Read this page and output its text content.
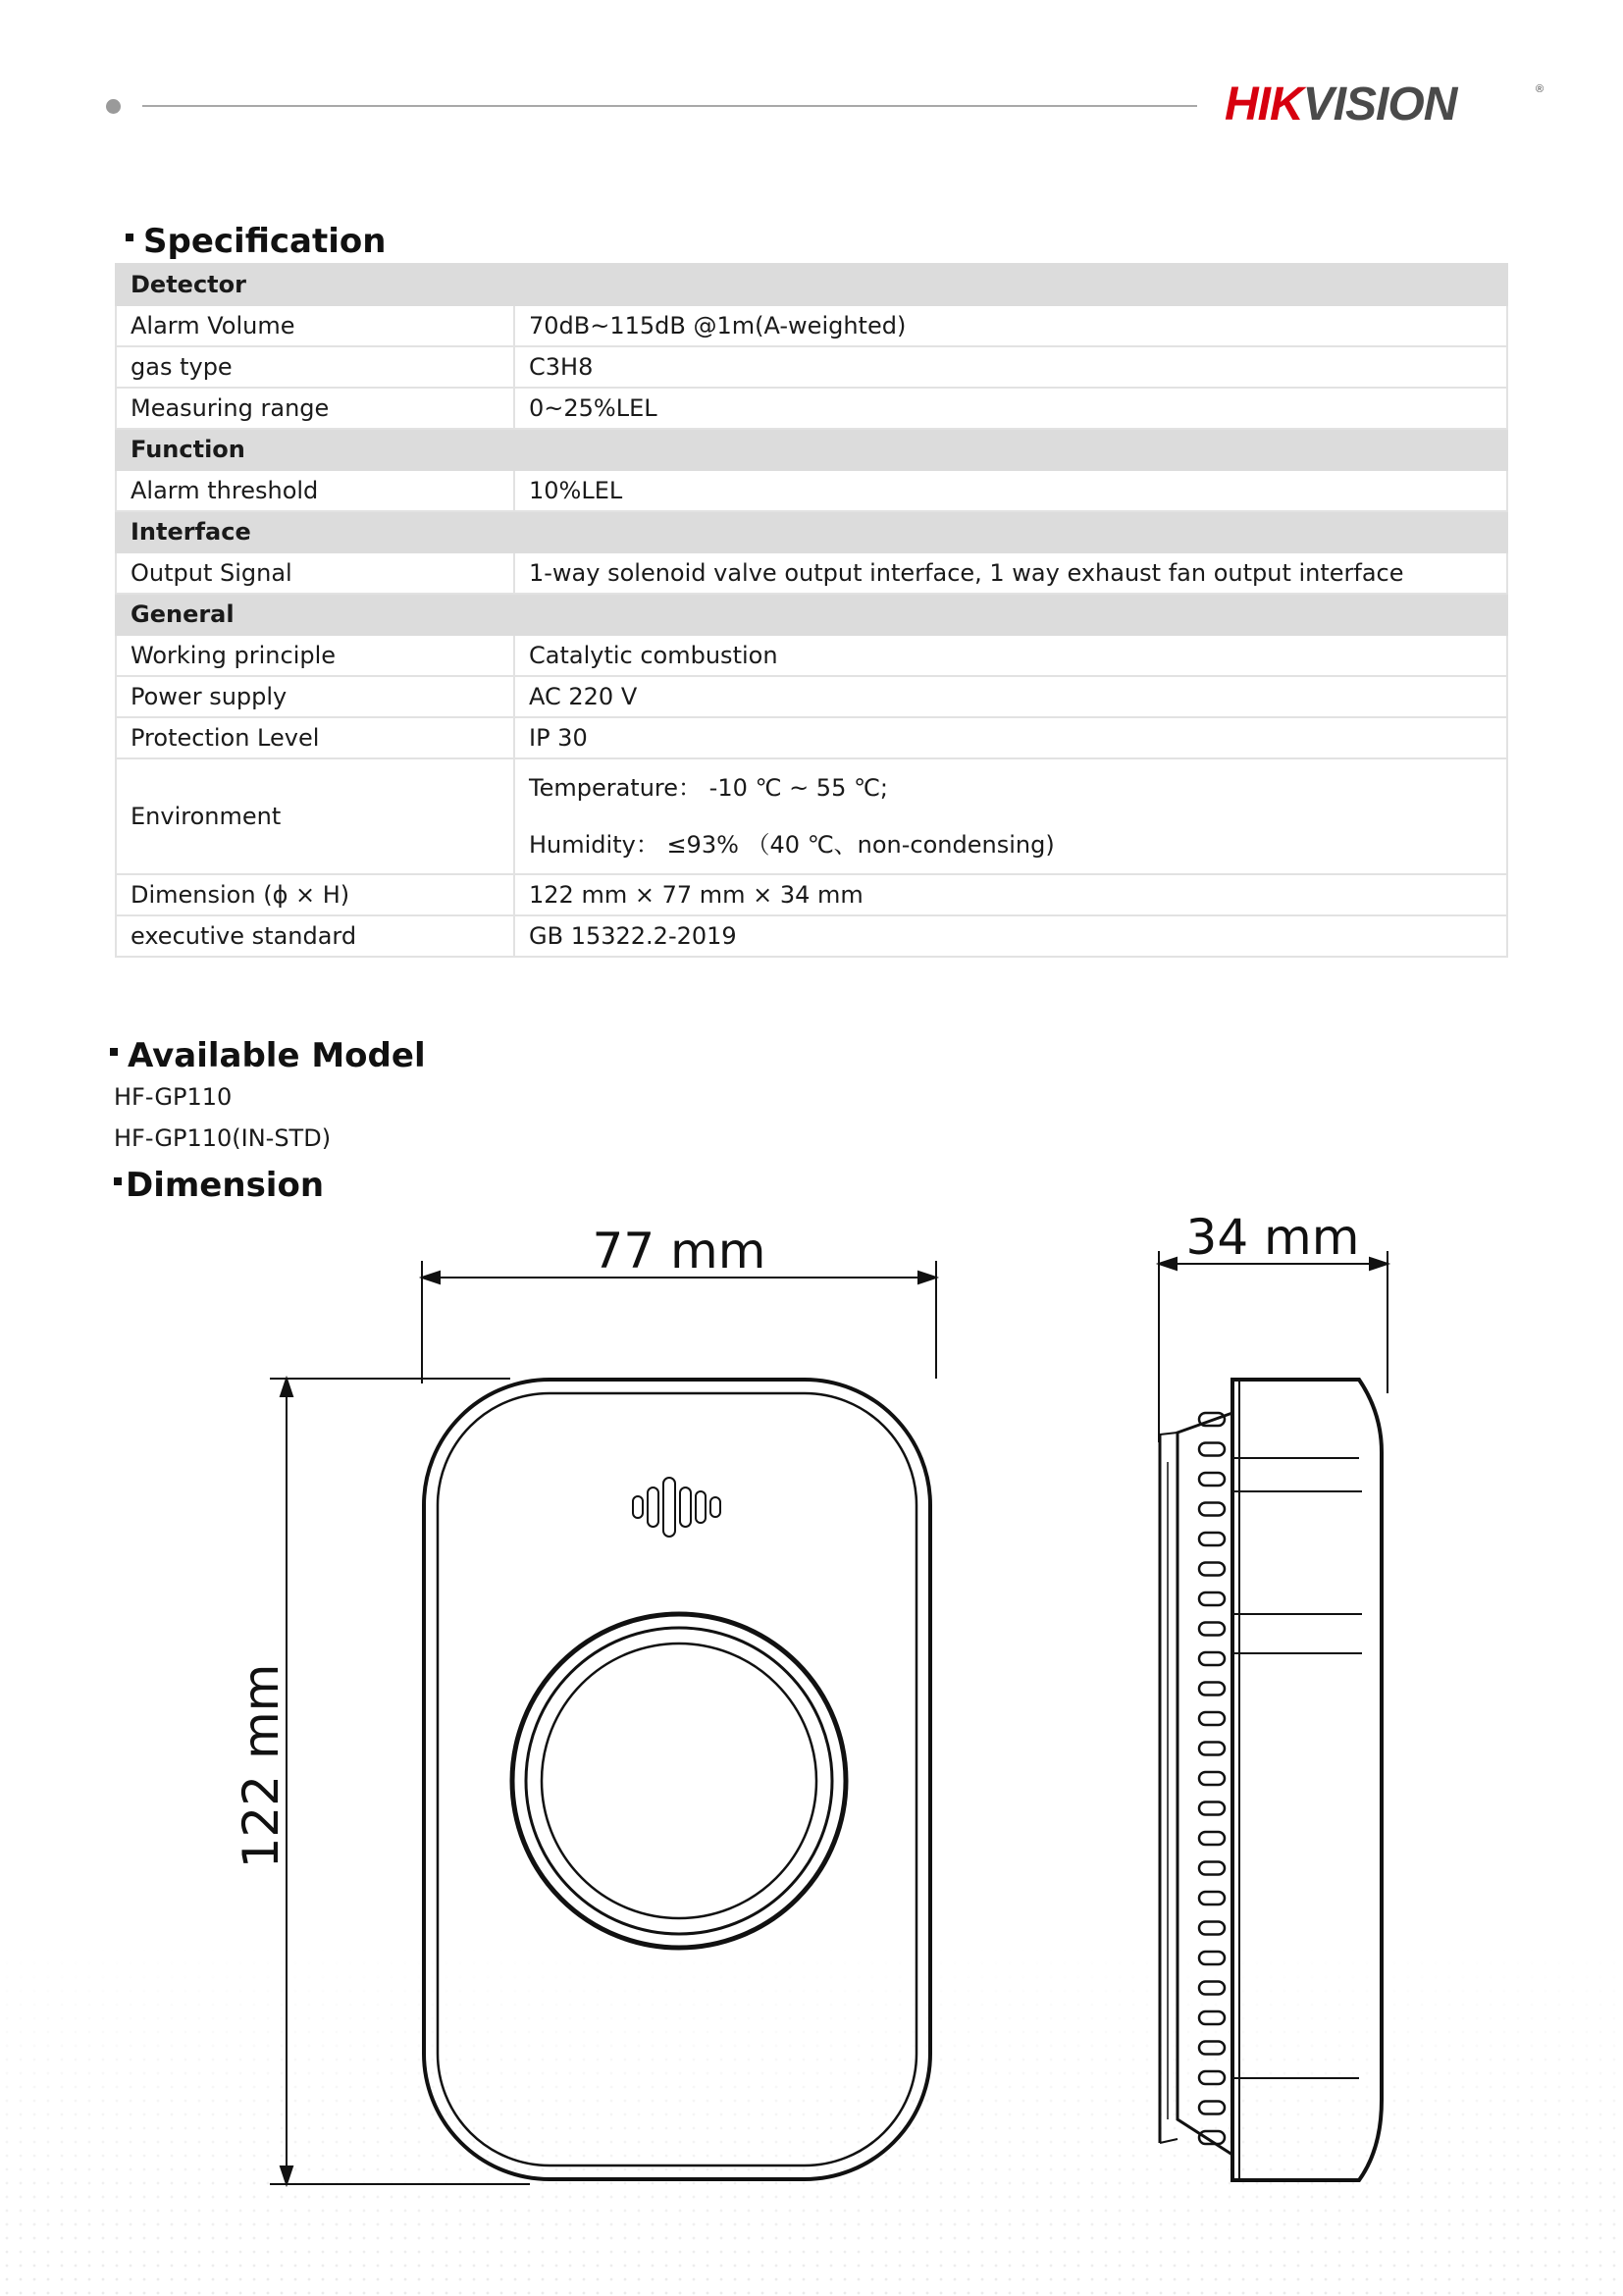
HIKVISION	®
Specification
Detector	
Alarm Volume	70dB~115dB @1m(A-weighted)
gas type	C3H8
Measuring range	0~25%LEL
Function	
Alarm threshold	10%LEL
Interface	
Output Signal	1-way solenoid valve output interface, 1 way exhaust fan output interface
General	
Working principle	Catalytic combustion
Power supply	AC 220 V
Protection Level	IP 30
Environment	Temperature： -10 ℃ ~ 55 ℃;
Humidity： ≤93% （40 ℃、non-condensing)

Dimension (ϕ × H)	122 mm × 77 mm × 34 mm
executive standard	GB 15322.2-2019
Available Model
HF-GP110
HF-GP110(IN-STD)
Dimension
77 mm	34 mm
122 mm
